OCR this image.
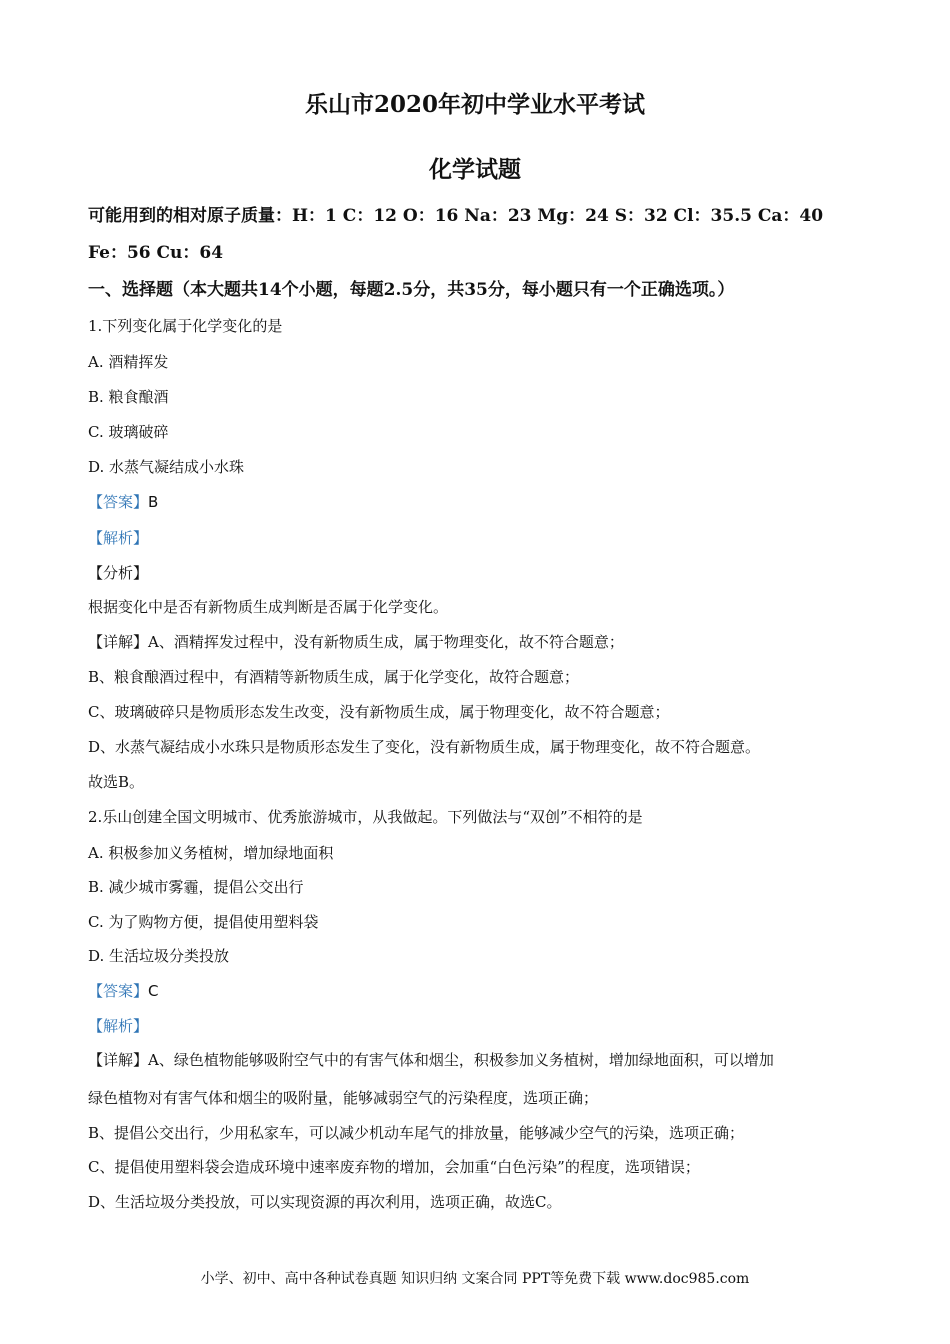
乐山市2020年初中学业水平考试
化学试题
可能用到的相对原子质量：H：1 C：12 O：16 Na：23 Mg：24 S：32 Cl：35.5 Ca：40
Fe：56 Cu：64
一、选择题（本大题共14个小题，每题2.5分，共35分，每小题只有一个正确选项。）
1.下列变化属于化学变化的是
A. 酒精挥发
B. 粮食酿酒
C. 玻璃破碎
D. 水蒸气凝结成小水珠
【答案】B
【解析】
【分析】
根据变化中是否有新物质生成判断是否属于化学变化。
【详解】A、酒精挥发过程中，没有新物质生成，属于物理变化，故不符合题意；
B、粮食酿酒过程中，有酒精等新物质生成，属于化学变化，故符合题意；
C、玻璃破碎只是物质形态发生改变，没有新物质生成，属于物理变化，故不符合题意；
D、水蒸气凝结成小水珠只是物质形态发生了变化，没有新物质生成，属于物理变化，故不符合题意。
故选B。
2.乐山创建全国文明城市、优秀旅游城市，从我做起。下列做法与“双创”不相符的是
A. 积极参加义务植树，增加绿地面积
B. 减少城市雾霾，提倡公交出行
C. 为了购物方便，提倡使用塑料袋
D. 生活垃圾分类投放
【答案】C
【解析】
【详解】A、绿色植物能够吸附空气中的有害气体和烟尘，积极参加义务植树，增加绿地面积，可以增加
绿色植物对有害气体和烟尘的吸附量，能够减弱空气的污染程度，选项正确；
B、提倡公交出行，少用私家车，可以减少机动车尾气的排放量，能够减少空气的污染，选项正确；
C、提倡使用塑料袋会造成环境中速率废弃物的增加，会加重“白色污染”的程度，选项错误；
D、生活垃圾分类投放，可以实现资源的再次利用，选项正确，故选C。
小学、初中、高中各种试卷真题 知识归纳 文案合同 PPT等免费下载 www.doc985.com
